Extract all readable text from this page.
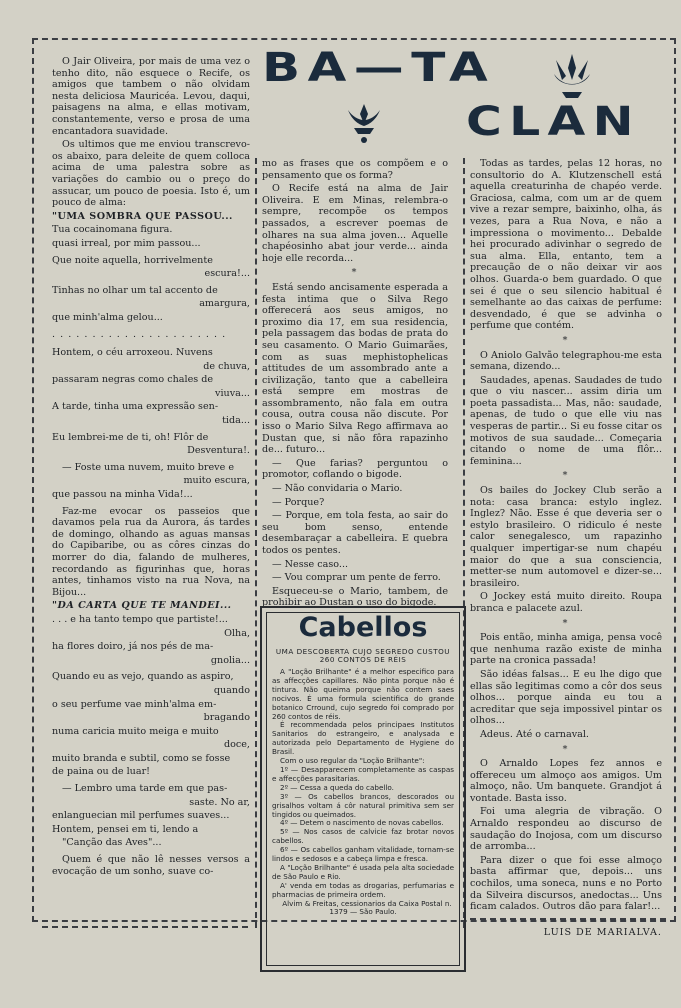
BA—TA
CLAN

O Jair Oliveira, por mais de uma vez o tenho dito, não esquece o Recife, os amigos que tambem o não olvidam nesta deliciosa Mauricéa. Levou, daqui, paisagens na alma, e ellas motivam, constantemente, verso e prosa de uma encantadora suavidade.

Os ultimos que me enviou transcrevo-os abaixo, para deleite de quem colloca acima de uma palestra sobre as variações do cambio ou o preço do assucar, um pouco de poesia. Isto é, um pouco de alma:

"UMA SOMBRA QUE PASSOU...

Tua cocainomana figura.

quasi irreal, por mim passou...

Que noite aquella, horrivelmente

escura!...

Tinhas no olhar um tal accento de

amargura,

que minh'alma gelou...

. . . . . . . . . . . . . . . . . . . . . .

Hontem, o céu arroxeou. Nuvens

de chuva,

passaram negras como chales de

viuva...

A tarde, tinha uma expressão sen-

tida...

Eu lembrei-me de ti, oh! Flôr de

Desventura!.

— Foste uma nuvem, muito breve e

muito escura,

que passou na minha Vida!...

Faz-me evocar os passeios que davamos pela rua da Aurora, ás tardes de domingo, olhando as aguas mansas do Capibaribe, ou as côres cinzas do morrer do dia, falando de mulheres, recordando as figurinhas que, horas antes, tinhamos visto na rua Nova, na Bijou...

"DA CARTA QUE TE MANDEI...

. . . e ha tanto tempo que partiste!...

Olha,

ha flores doiro, já nos pés de ma-

gnolia...

Quando eu as vejo, quando as aspiro,

quando

o seu perfume vae minh'alma em-

bragando

numa caricia muito meiga e muito

doce,

muito branda e subtil, como se fosse

de paina ou de luar!

— Lembro uma tarde em que pas-

saste. No ar,

enlanguecian mil perfumes suaves...

Hontem, pensei em ti, lendo a

"Canção das Aves"...

Quem é que não lê nesses versos a evocação de um sonho, suave co-

mo as frases que os compõem e o pensamento que os forma?

O Recife está na alma de Jair Oliveira. E em Minas, relembra-o sempre, recompõe os tempos passados, a escrever poemas de olhares na sua alma joven... Aquelle chapéosinho abat jour verde... ainda hoje elle recorda...

*

Está sendo ancisamente esperada a festa intima que o Silva Rego offerecerá aos seus amigos, no proximo dia 17, em sua residencia, pela passagem das bodas de prata do seu casamento. O Mario Guimarães, com as suas mephistophelicas attitudes de um assombrado ante a civilização, tanto que a cabelleira está sempre em mostras de assombramento, não fala em outra cousa, outra cousa não discute. Por isso o Mario Silva Rego affirmava ao Dustan que, si não fôra rapazinho de... futuro...

— Que farias? perguntou o promotor, coflando o bigode.

— Não convidaria o Mario.

— Porque?

— Porque, em tola festa, ao sair do seu bom senso, entende desembaraçar a cabelleira. E quebra todos os pentes.

— Nesse caso...

— Vou comprar um pente de ferro.

Esqueceu-se o Mario, tambem, de prohibir ao Dustan o uso do bigode.

Todas as tardes, pelas 12 horas, no consultorio do A. Klutzenschell está aquella creaturinha de chapéo verde. Graciosa, calma, com um ar de quem vive a rezar sempre, baixinho, olha, ás vezes, para a Rua Nova, e não a impressiona o movimento... Debalde hei procurado adivinhar o segredo de sua alma. Ella, entanto, tem a precaução de o não deixar vir aos olhos. Guarda-o bem guardado. O que sei é que o seu silencio habitual é semelhante ao das caixas de perfume: desvendado, é que se advinha o perfume que contém.

*

O Aniolo Galvão telegraphou-me esta semana, dizendo...

Saudades, apenas. Saudades de tudo que o viu nascer... assim diria um poeta passadista... Mas, não: saudade, apenas, de tudo o que elle viu nas vesperas de partir... Si eu fosse citar os motivos de sua saudade... Começaria citando o nome de uma flôr... feminina...

*

Os bailes do Jockey Club serão a nota: casa branca: estylo inglez. Inglez? Não. Esse é que deveria ser o estylo brasileiro. O ridiculo é neste calor senegalesco, um rapazinho qualquer impertigar-se num chapéu maior do que a sua consciencia, metter-se num automovel e dizer-se... brasileiro.

O Jockey está muito direito. Roupa branca e palacete azul.

*

Pois então, minha amiga, pensa você que nenhuma razão existe de minha parte na cronica passada!

São idéas falsas... E eu lhe digo que ellas são legitimas como a côr dos seus olhos... porque ainda eu tou a acreditar que seja impossivel pintar os olhos...

Adeus. Até o carnaval.

*

O Arnaldo Lopes fez annos e offereceu um almoço aos amigos. Um almoço, não. Um banquete. Grandjot á vontade. Basta isso.

Foi uma alegria de vibração. O Arnaldo respondeu ao discurso de saudação do Inojosa, com um discurso de arromba...

Para dizer o que foi esse almoço basta affirmar que, depois... uns cochilos, uma soneca, nuns e no Porto da Silveira discursos, anedoctas... Uns ficam calados. Outros dão para falar!...

LUIS DE MARIALVA.
Cabellos
UMA DESCOBERTA CUJO SEGREDO CUSTOU 260 CONTOS DE RÉIS

A "Loção Brilhante" é a melhor especifico para as affecções capillares. Não pinta porque não é tintura. Não queima porque não contem saes nocivos. É uma formula scientifica do grande botanico Crround, cujo segredo foi comprado por 260 contos de réis.

É recommendada pelos principaes Institutos Sanitarios do estrangeiro, e analysada e autorizada pelo Departamento de Hygiene do Brasil.

Com o uso regular da "Loção Brilhante":

1º — Desapparecem completamente as caspas e affecções parasitarias.

2º — Cessa a queda do cabello.

3º — Os cabellos brancos, descorados ou grisalhos voltam á côr natural primitiva sem ser tingidos ou queimados.

4º — Detem o nascimento de novas cabellos.

5º — Nos casos de calvicie faz brotar novos cabellos.

6º — Os cabellos ganham vitalidade, tornam-se lindos e sedosos e a cabeça limpa e fresca.

A "Loção Brilhante" é usada pela alta sociedade de São Paulo e Rio.

A' venda em todas as drogarias, perfumarias e pharmacias de primeira ordem.

Alvim & Freitas, cessionarios da Caixa Postal n. 1379 — São Paulo.
